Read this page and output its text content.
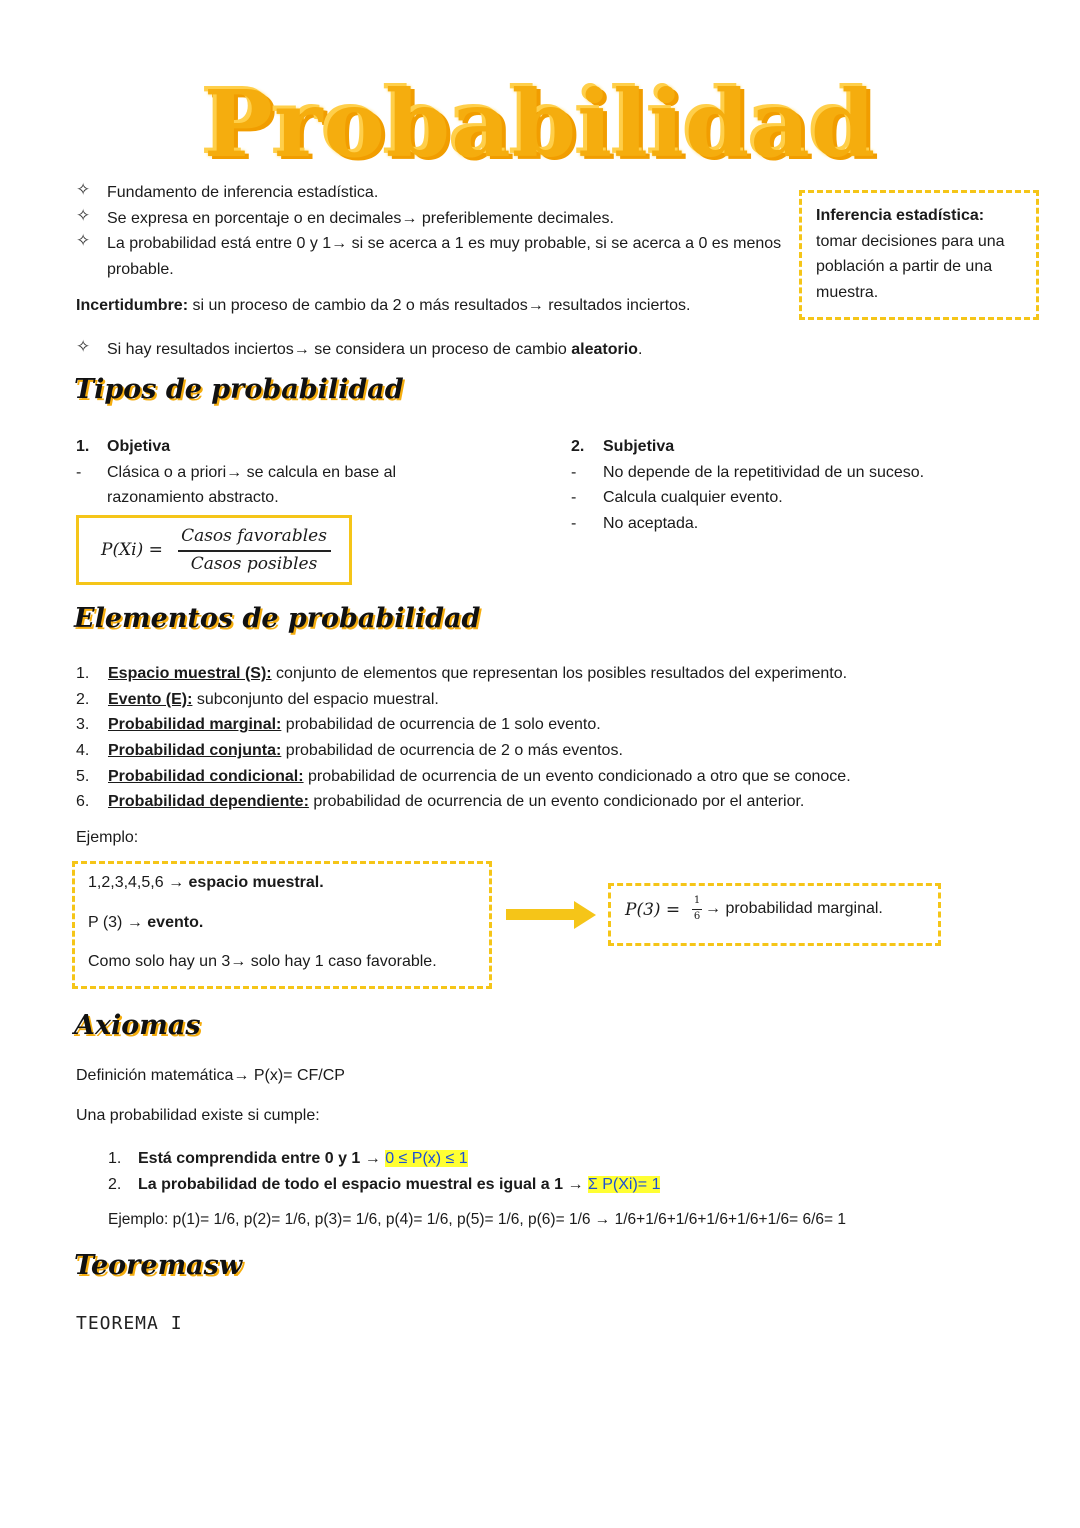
Probabilidad
✧ Fundamento de inferencia estadística.
✧ Se expresa en porcentaje o en decimales→ preferiblemente decimales.
✧ La probabilidad está entre 0 y 1→ si se acerca a 1 es muy probable, si se acerca a 0 es menos probable.
Inferencia estadística:
tomar decisiones para una población a partir de una muestra.
Incertidumbre: si un proceso de cambio da 2 o más resultados→ resultados inciertos.
✧ Si hay resultados inciertos→ se considera un proceso de cambio aleatorio.
Tipos de probabilidad
1. Objetiva
- Clásica o a priori→ se calcula en base al razonamiento abstracto.
P(Xi) =
Casos favorables
Casos posibles
2. Subjetiva
- No depende de la repetitividad de un suceso.
- Calcula cualquier evento.
- No aceptada.
Elementos de probabilidad
1. Espacio muestral (S): conjunto de elementos que representan los posibles resultados del experimento.
2. Evento (E): subconjunto del espacio muestral.
3. Probabilidad marginal: probabilidad de ocurrencia de 1 solo evento.
4. Probabilidad conjunta: probabilidad de ocurrencia de 2 o más eventos.
5. Probabilidad condicional: probabilidad de ocurrencia de un evento condicionado a otro que se conoce.
6. Probabilidad dependiente: probabilidad de ocurrencia de un evento condicionado por el anterior.
Ejemplo:
1,2,3,4,5,6 → espacio muestral.
P (3) → evento.
Como solo hay un 3→ solo hay 1 caso favorable.
P(3) = 1
6 → probabilidad marginal.
Axiomas
Definición matemática→ P(x)= CF/CP
Una probabilidad existe si cumple:
1. Está comprendida entre 0 y 1 → 0 ≤ P(x) ≤ 1
2. La probabilidad de todo el espacio muestral es igual a 1 → Σ P(Xi)= 1
Ejemplo: p(1)= 1/6, p(2)= 1/6, p(3)= 1/6, p(4)= 1/6, p(5)= 1/6, p(6)= 1/6 → 1/6+1/6+1/6+1/6+1/6+1/6= 6/6= 1
Teoremasw
TEOREMA I
